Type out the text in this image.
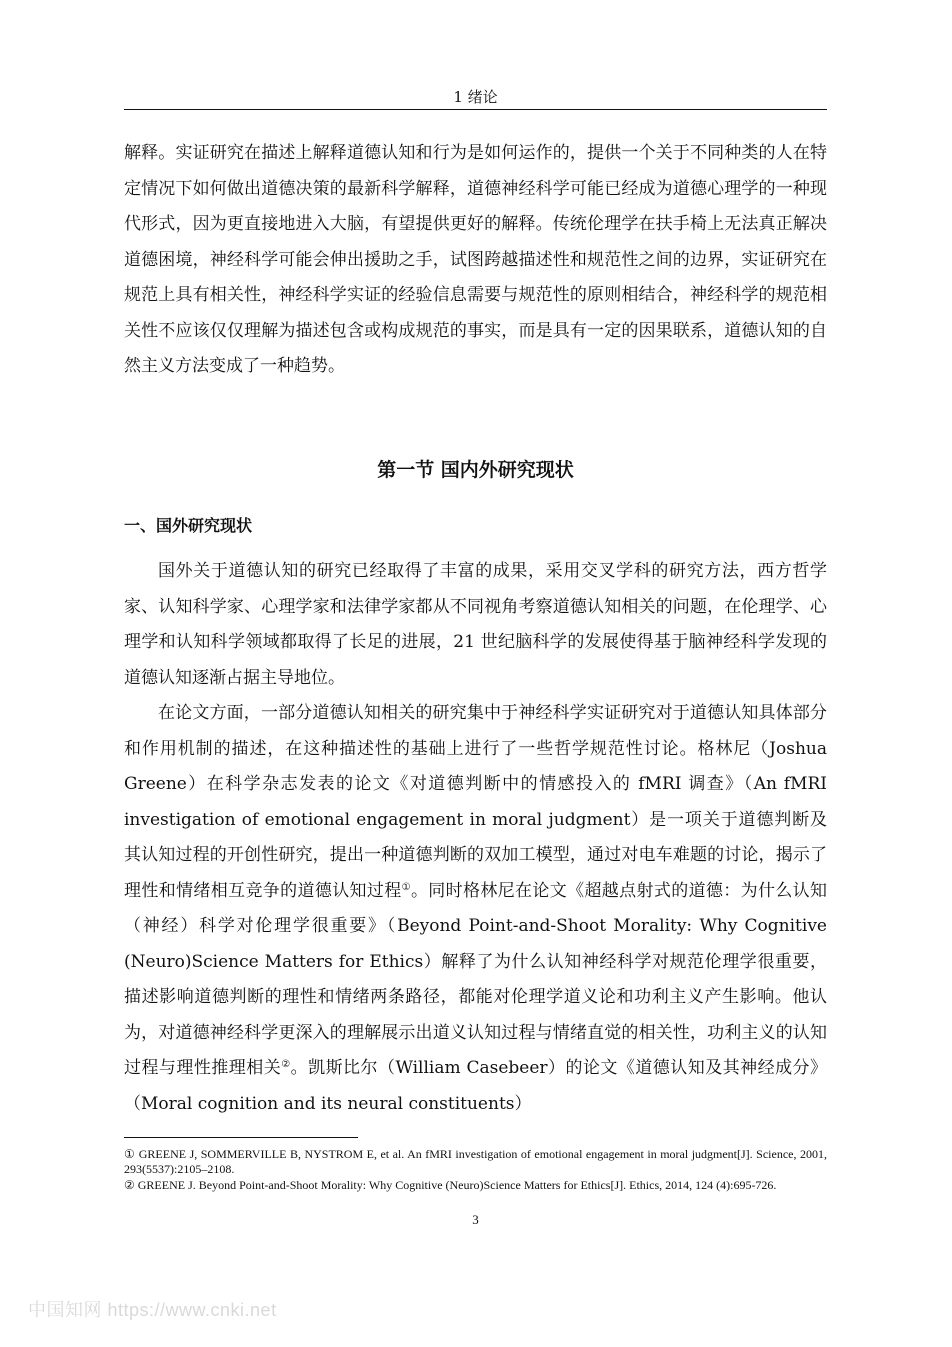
1 绪论

解释。实证研究在描述上解释道德认知和行为是如何运作的，提供一个关于不同种类的人在特定情况下如何做出道德决策的最新科学解释，道德神经科学可能已经成为道德心理学的一种现代形式，因为更直接地进入大脑，有望提供更好的解释。传统伦理学在扶手椅上无法真正解决道德困境，神经科学可能会伸出援助之手，试图跨越描述性和规范性之间的边界，实证研究在规范上具有相关性，神经科学实证的经验信息需要与规范性的原则相结合，神经科学的规范相关性不应该仅仅理解为描述包含或构成规范的事实，而是具有一定的因果联系，道德认知的自然主义方法变成了一种趋势。

第一节 国内外研究现状
一、国外研究现状

国外关于道德认知的研究已经取得了丰富的成果，采用交叉学科的研究方法，西方哲学家、认知科学家、心理学家和法律学家都从不同视角考察道德认知相关的问题，在伦理学、心理学和认知科学领域都取得了长足的进展，21 世纪脑科学的发展使得基于脑神经科学发现的道德认知逐渐占据主导地位。

在论文方面，一部分道德认知相关的研究集中于神经科学实证研究对于道德认知具体部分和作用机制的描述，在这种描述性的基础上进行了一些哲学规范性讨论。格林尼（Joshua Greene）在科学杂志发表的论文《对道德判断中的情感投入的 fMRI 调查》（An fMRI investigation of emotional engagement in moral judgment）是一项关于道德判断及其认知过程的开创性研究，提出一种道德判断的双加工模型，通过对电车难题的讨论，揭示了理性和情绪相互竞争的道德认知过程①。同时格林尼在论文《超越点射式的道德：为什么认知（神经）科学对伦理学很重要》（Beyond Point-and-Shoot Morality: Why Cognitive (Neuro)Science Matters for Ethics）解释了为什么认知神经科学对规范伦理学很重要，描述影响道德判断的理性和情绪两条路径，都能对伦理学道义论和功利主义产生影响。他认为，对道德神经科学更深入的理解展示出道义认知过程与情绪直觉的相关性，功利主义的认知过程与理性推理相关②。凯斯比尔（William Casebeer）的论文《道德认知及其神经成分》（Moral cognition and its neural constituents）

① GREENE J, SOMMERVILLE B, NYSTROM E, et al. An fMRI investigation of emotional engagement in moral judgment[J]. Science, 2001, 293(5537):2105–2108.

② GREENE J. Beyond Point-and-Shoot Morality: Why Cognitive (Neuro)Science Matters for Ethics[J]. Ethics, 2014, 124 (4):695-726.

3
中国知网 https://www.cnki.net
